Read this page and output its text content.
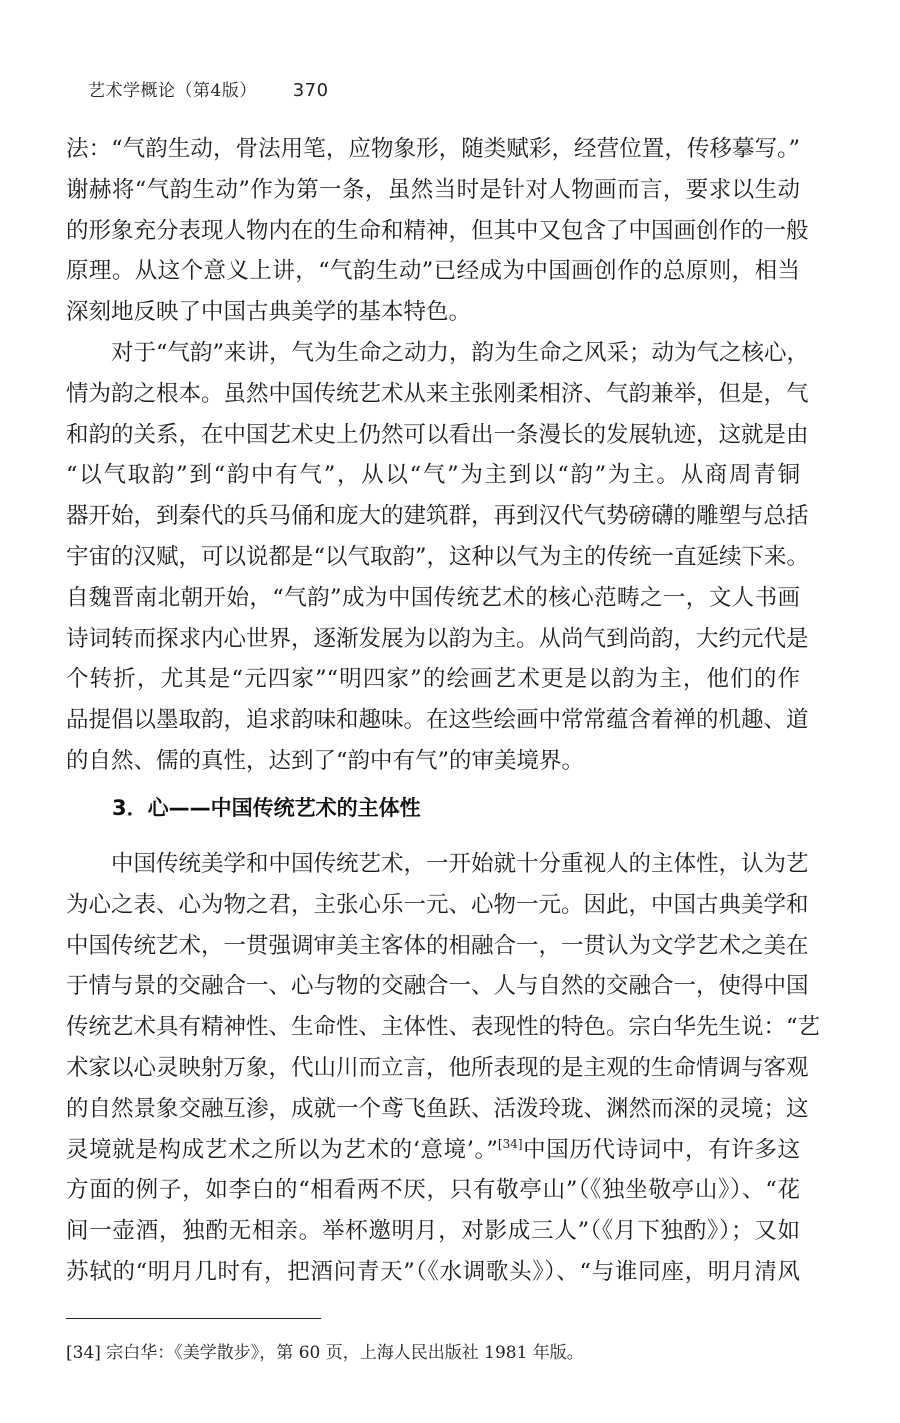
艺术学概论（第4版） 370
法：“气韵生动，骨法用笔，应物象形，随类赋彩，经营位置，传移摹写。”
谢赫将“气韵生动”作为第一条，虽然当时是针对人物画而言，要求以生动
的形象充分表现人物内在的生命和精神，但其中又包含了中国画创作的一般
原理。从这个意义上讲，“气韵生动”已经成为中国画创作的总原则，相当
深刻地反映了中国古典美学的基本特色。
对于“气韵”来讲，气为生命之动力，韵为生命之风采；动为气之核心，
情为韵之根本。虽然中国传统艺术从来主张刚柔相济、气韵兼举，但是，气
和韵的关系，在中国艺术史上仍然可以看出一条漫长的发展轨迹，这就是由
“以气取韵”到“韵中有气”，从以“气”为主到以“韵”为主。从商周青铜
器开始，到秦代的兵马俑和庞大的建筑群，再到汉代气势磅礴的雕塑与总括
宇宙的汉赋，可以说都是“以气取韵”，这种以气为主的传统一直延续下来。
自魏晋南北朝开始，“气韵”成为中国传统艺术的核心范畴之一，文人书画
诗词转而探求内心世界，逐渐发展为以韵为主。从尚气到尚韵，大约元代是
个转折，尤其是“元四家”“明四家”的绘画艺术更是以韵为主，他们的作
品提倡以墨取韵，追求韵味和趣味。在这些绘画中常常蕴含着禅的机趣、道
的自然、儒的真性，达到了“韵中有气”的审美境界。
3．心——中国传统艺术的主体性
中国传统美学和中国传统艺术，一开始就十分重视人的主体性，认为艺
为心之表、心为物之君，主张心乐一元、心物一元。因此，中国古典美学和
中国传统艺术，一贯强调审美主客体的相融合一，一贯认为文学艺术之美在
于情与景的交融合一、心与物的交融合一、人与自然的交融合一，使得中国
传统艺术具有精神性、生命性、主体性、表现性的特色。宗白华先生说：“艺
术家以心灵映射万象，代山川而立言，他所表现的是主观的生命情调与客观
的自然景象交融互渗，成就一个鸢飞鱼跃、活泼玲珑、渊然而深的灵境；这
灵境就是构成艺术之所以为艺术的‘意境’。”[34]中国历代诗词中，有许多这
方面的例子，如李白的“相看两不厌，只有敬亭山”（《独坐敬亭山》）、“花
间一壶酒，独酌无相亲。举杯邀明月，对影成三人”（《月下独酌》）；又如
苏轼的“明月几时有，把酒问青天”（《水调歌头》）、“与谁同座，明月清风
[34] 宗白华：《美学散步》，第 60 页，上海人民出版社 1981 年版。
